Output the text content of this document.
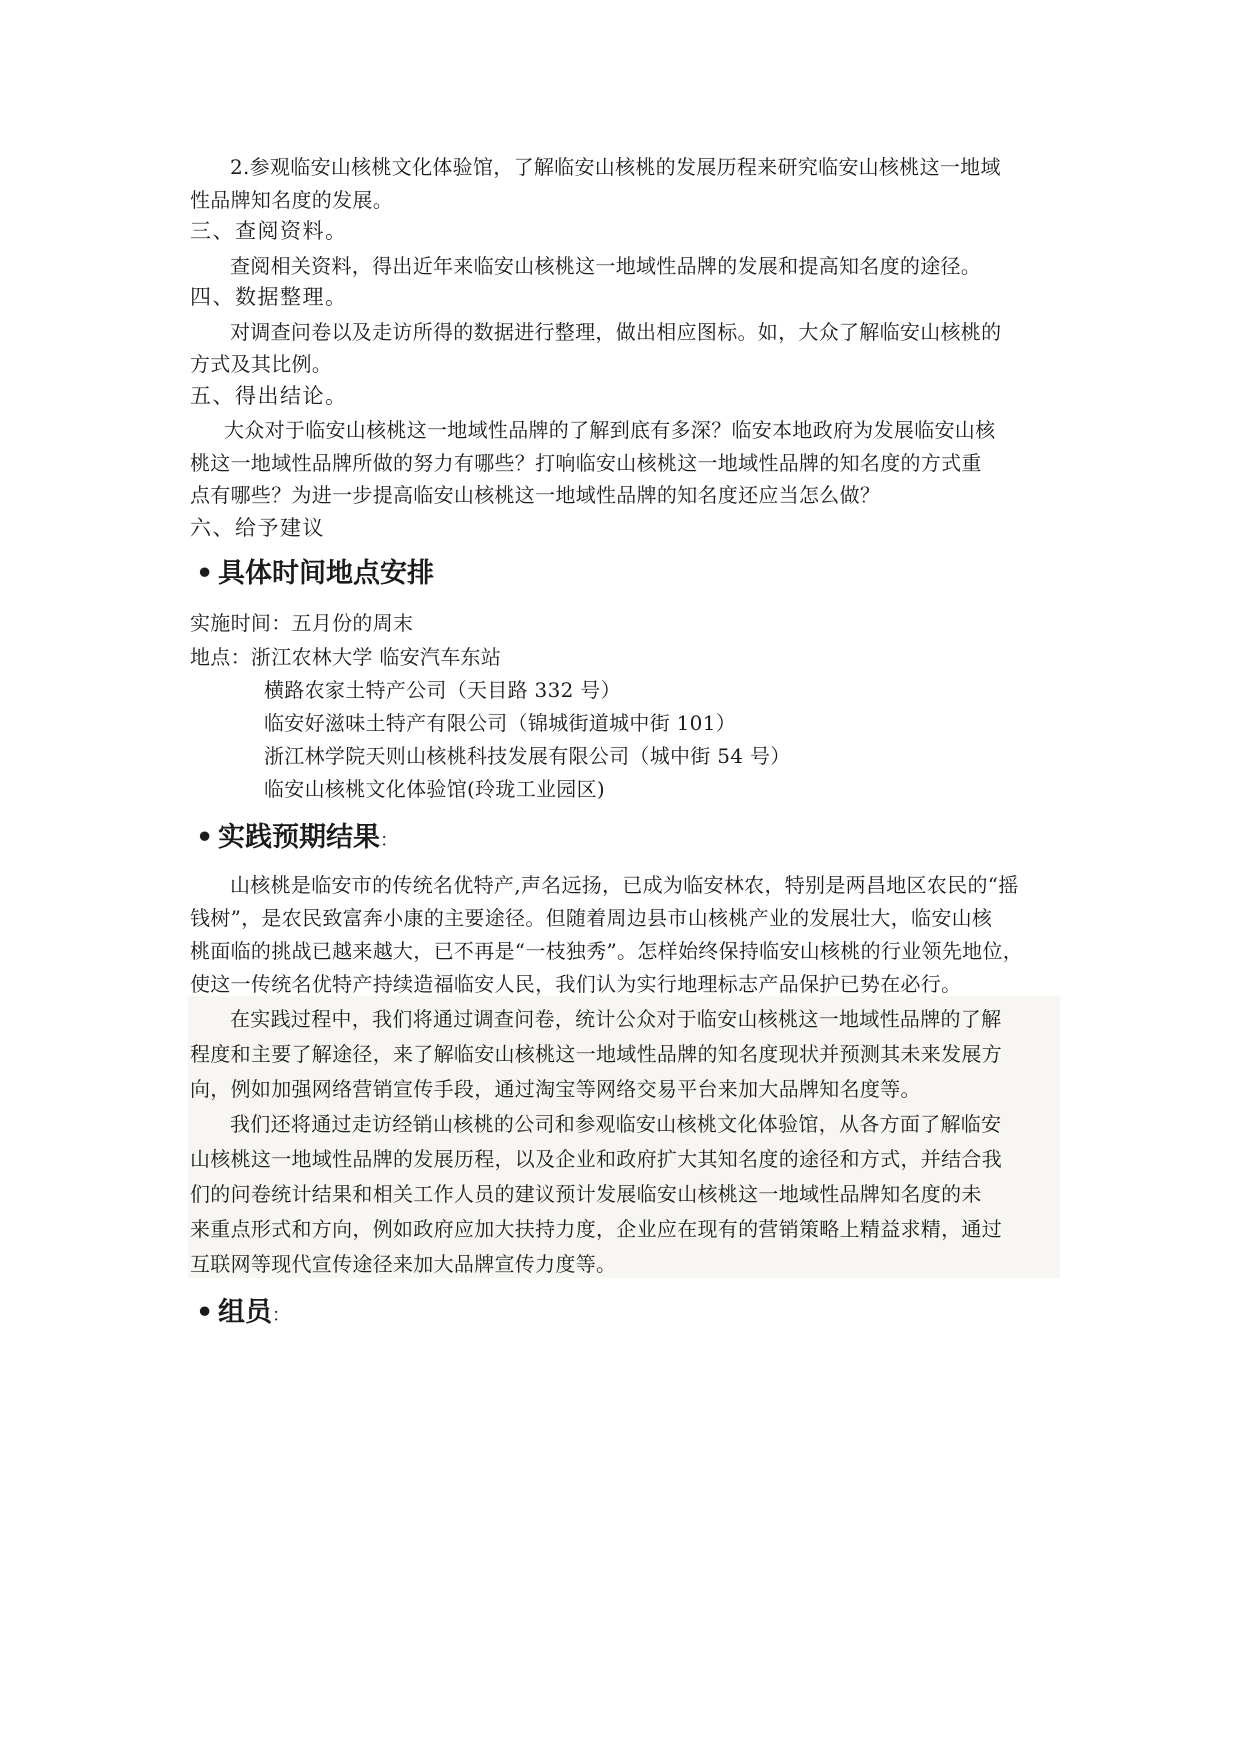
2.参观临安山核桃文化体验馆，了解临安山核桃的发展历程来研究临安山核桃这一地域
性品牌知名度的发展。
三、查阅资料。
查阅相关资料，得出近年来临安山核桃这一地域性品牌的发展和提高知名度的途径。
四、数据整理。
对调查问卷以及走访所得的数据进行整理，做出相应图标。如，大众了解临安山核桃的
方式及其比例。
五、得出结论。
大众对于临安山核桃这一地域性品牌的了解到底有多深？临安本地政府为发展临安山核
桃这一地域性品牌所做的努力有哪些？打响临安山核桃这一地域性品牌的知名度的方式重
点有哪些？为进一步提高临安山核桃这一地域性品牌的知名度还应当怎么做？
六、给予建议
• 具体时间地点安排
实施时间：五月份的周末
地点：浙江农林大学 临安汽车东站
横路农家土特产公司（天目路 332 号）
临安好滋味土特产有限公司（锦城街道城中街 101）
浙江林学院天则山核桃科技发展有限公司（城中街 54 号）
临安山核桃文化体验馆(玲珑工业园区)
• 实践预期结果：
山核桃是临安市的传统名优特产,声名远扬，已成为临安林农，特别是两昌地区农民的“摇
钱树”，是农民致富奔小康的主要途径。但随着周边县市山核桃产业的发展壮大，临安山核
桃面临的挑战已越来越大，已不再是“一枝独秀”。怎样始终保持临安山核桃的行业领先地位，
使这一传统名优特产持续造福临安人民，我们认为实行地理标志产品保护已势在必行。
在实践过程中，我们将通过调查问卷，统计公众对于临安山核桃这一地域性品牌的了解
程度和主要了解途径，来了解临安山核桃这一地域性品牌的知名度现状并预测其未来发展方
向，例如加强网络营销宣传手段，通过淘宝等网络交易平台来加大品牌知名度等。
我们还将通过走访经销山核桃的公司和参观临安山核桃文化体验馆，从各方面了解临安
山核桃这一地域性品牌的发展历程，以及企业和政府扩大其知名度的途径和方式，并结合我
们的问卷统计结果和相关工作人员的建议预计发展临安山核桃这一地域性品牌知名度的未
来重点形式和方向，例如政府应加大扶持力度，企业应在现有的营销策略上精益求精，通过
互联网等现代宣传途径来加大品牌宣传力度等。
• 组员：
